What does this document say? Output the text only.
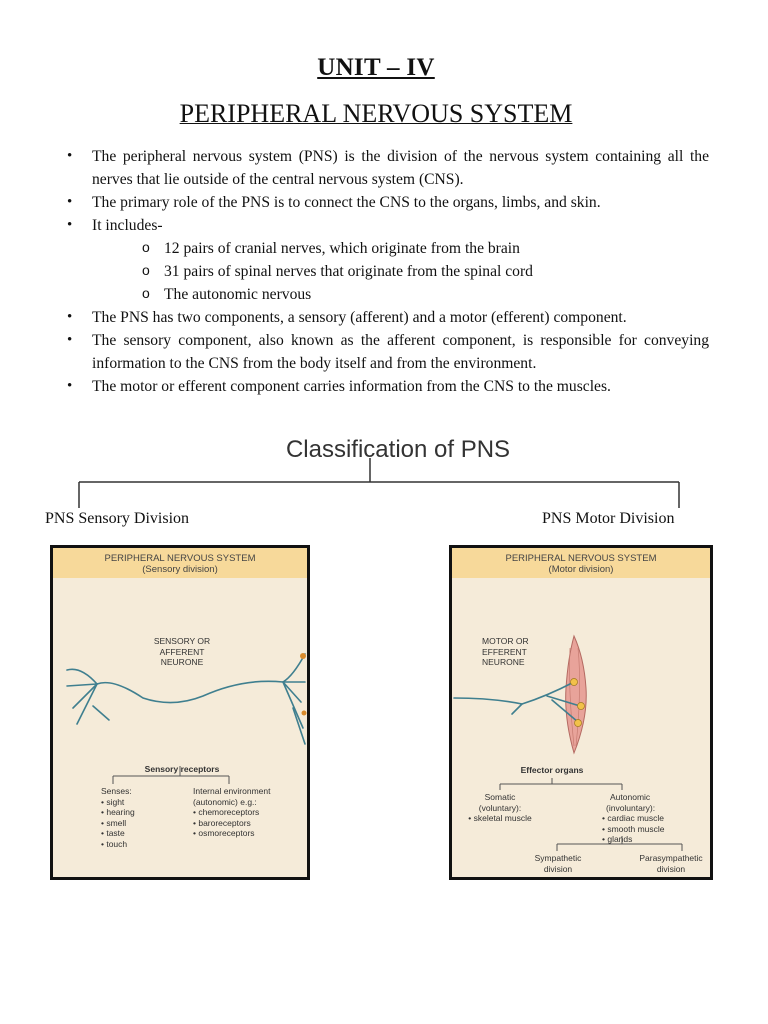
UNIT – IV
PERIPHERAL NERVOUS SYSTEM
• The peripheral nervous system (PNS) is the division of the nervous system containing all the nerves that lie outside of the central nervous system (CNS).
• The primary role of the PNS is to connect the CNS to the organs, limbs, and skin.
• It includes-
o 12 pairs of cranial nerves, which originate from the brain
o 31 pairs of spinal nerves that originate from the spinal cord
o The autonomic nervous
• The PNS has two components, a sensory (afferent) and a motor (efferent) component.
• The sensory component, also known as the afferent component, is responsible for conveying information to the CNS from the body itself and from the environment.
• The motor or efferent component carries information from the CNS to the muscles.
Classification of PNS
PNS Sensory Division	PNS Motor Division
PERIPHERAL NERVOUS SYSTEM
(Sensory division)
SENSORY OR
AFFERENT
NEURONE
Sensory receptors
Senses:
• sight
• hearing
• smell
• taste
• touch
Internal environment
(autonomic) e.g.:
• chemoreceptors
• baroreceptors
• osmoreceptors
PERIPHERAL NERVOUS SYSTEM
(Motor division)
MOTOR OR
EFFERENT
NEURONE
Effector organs
Somatic
(voluntary):
• skeletal muscle
Autonomic
(involuntary):
• cardiac muscle
• smooth muscle
• glands
Sympathetic
division
Parasympathetic
division
